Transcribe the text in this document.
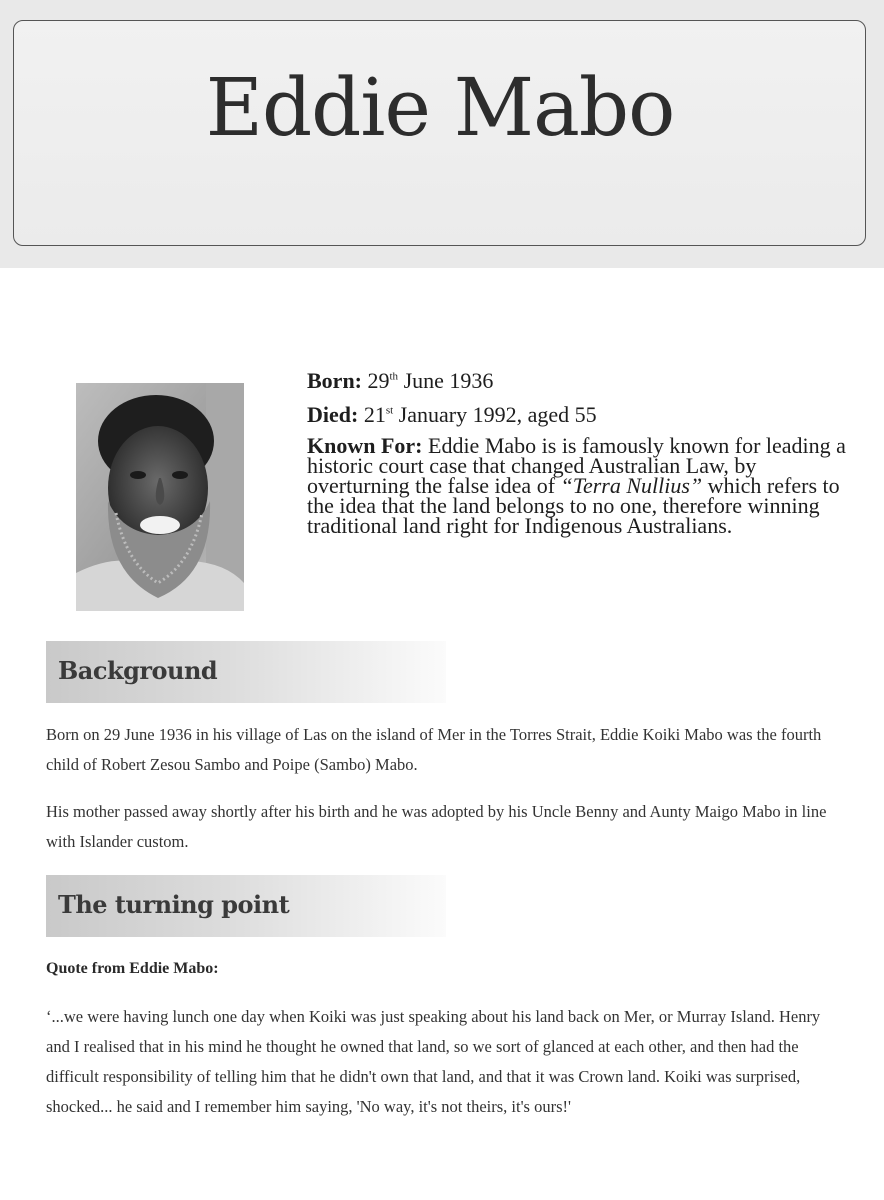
Eddie Mabo
Born: 29th June 1936
Died: 21st January 1992, aged 55
Known For: Eddie Mabo is is famously known for leading a historic court case that changed Australian Law, by overturning the false idea of “Terra Nullius” which refers to the idea that the land belongs to no one, therefore winning traditional land right for Indigenous Australians.
Background
Born on 29 June 1936 in his village of Las on the island of Mer in the Torres Strait, Eddie Koiki Mabo was the fourth child of Robert Zesou Sambo and Poipe (Sambo) Mabo.
His mother passed away shortly after his birth and he was adopted by his Uncle Benny and Aunty Maigo Mabo in line with Islander custom.
The turning point
Quote from Eddie Mabo:
‘...we were having lunch one day when Koiki was just speaking about his land back on Mer, or Murray Island. Henry and I realised that in his mind he thought he owned that land, so we sort of glanced at each other, and then had the difficult responsibility of telling him that he didn't own that land, and that it was Crown land. Koiki was surprised, shocked... he said and I remember him saying, 'No way, it's not theirs, it's ours!'
